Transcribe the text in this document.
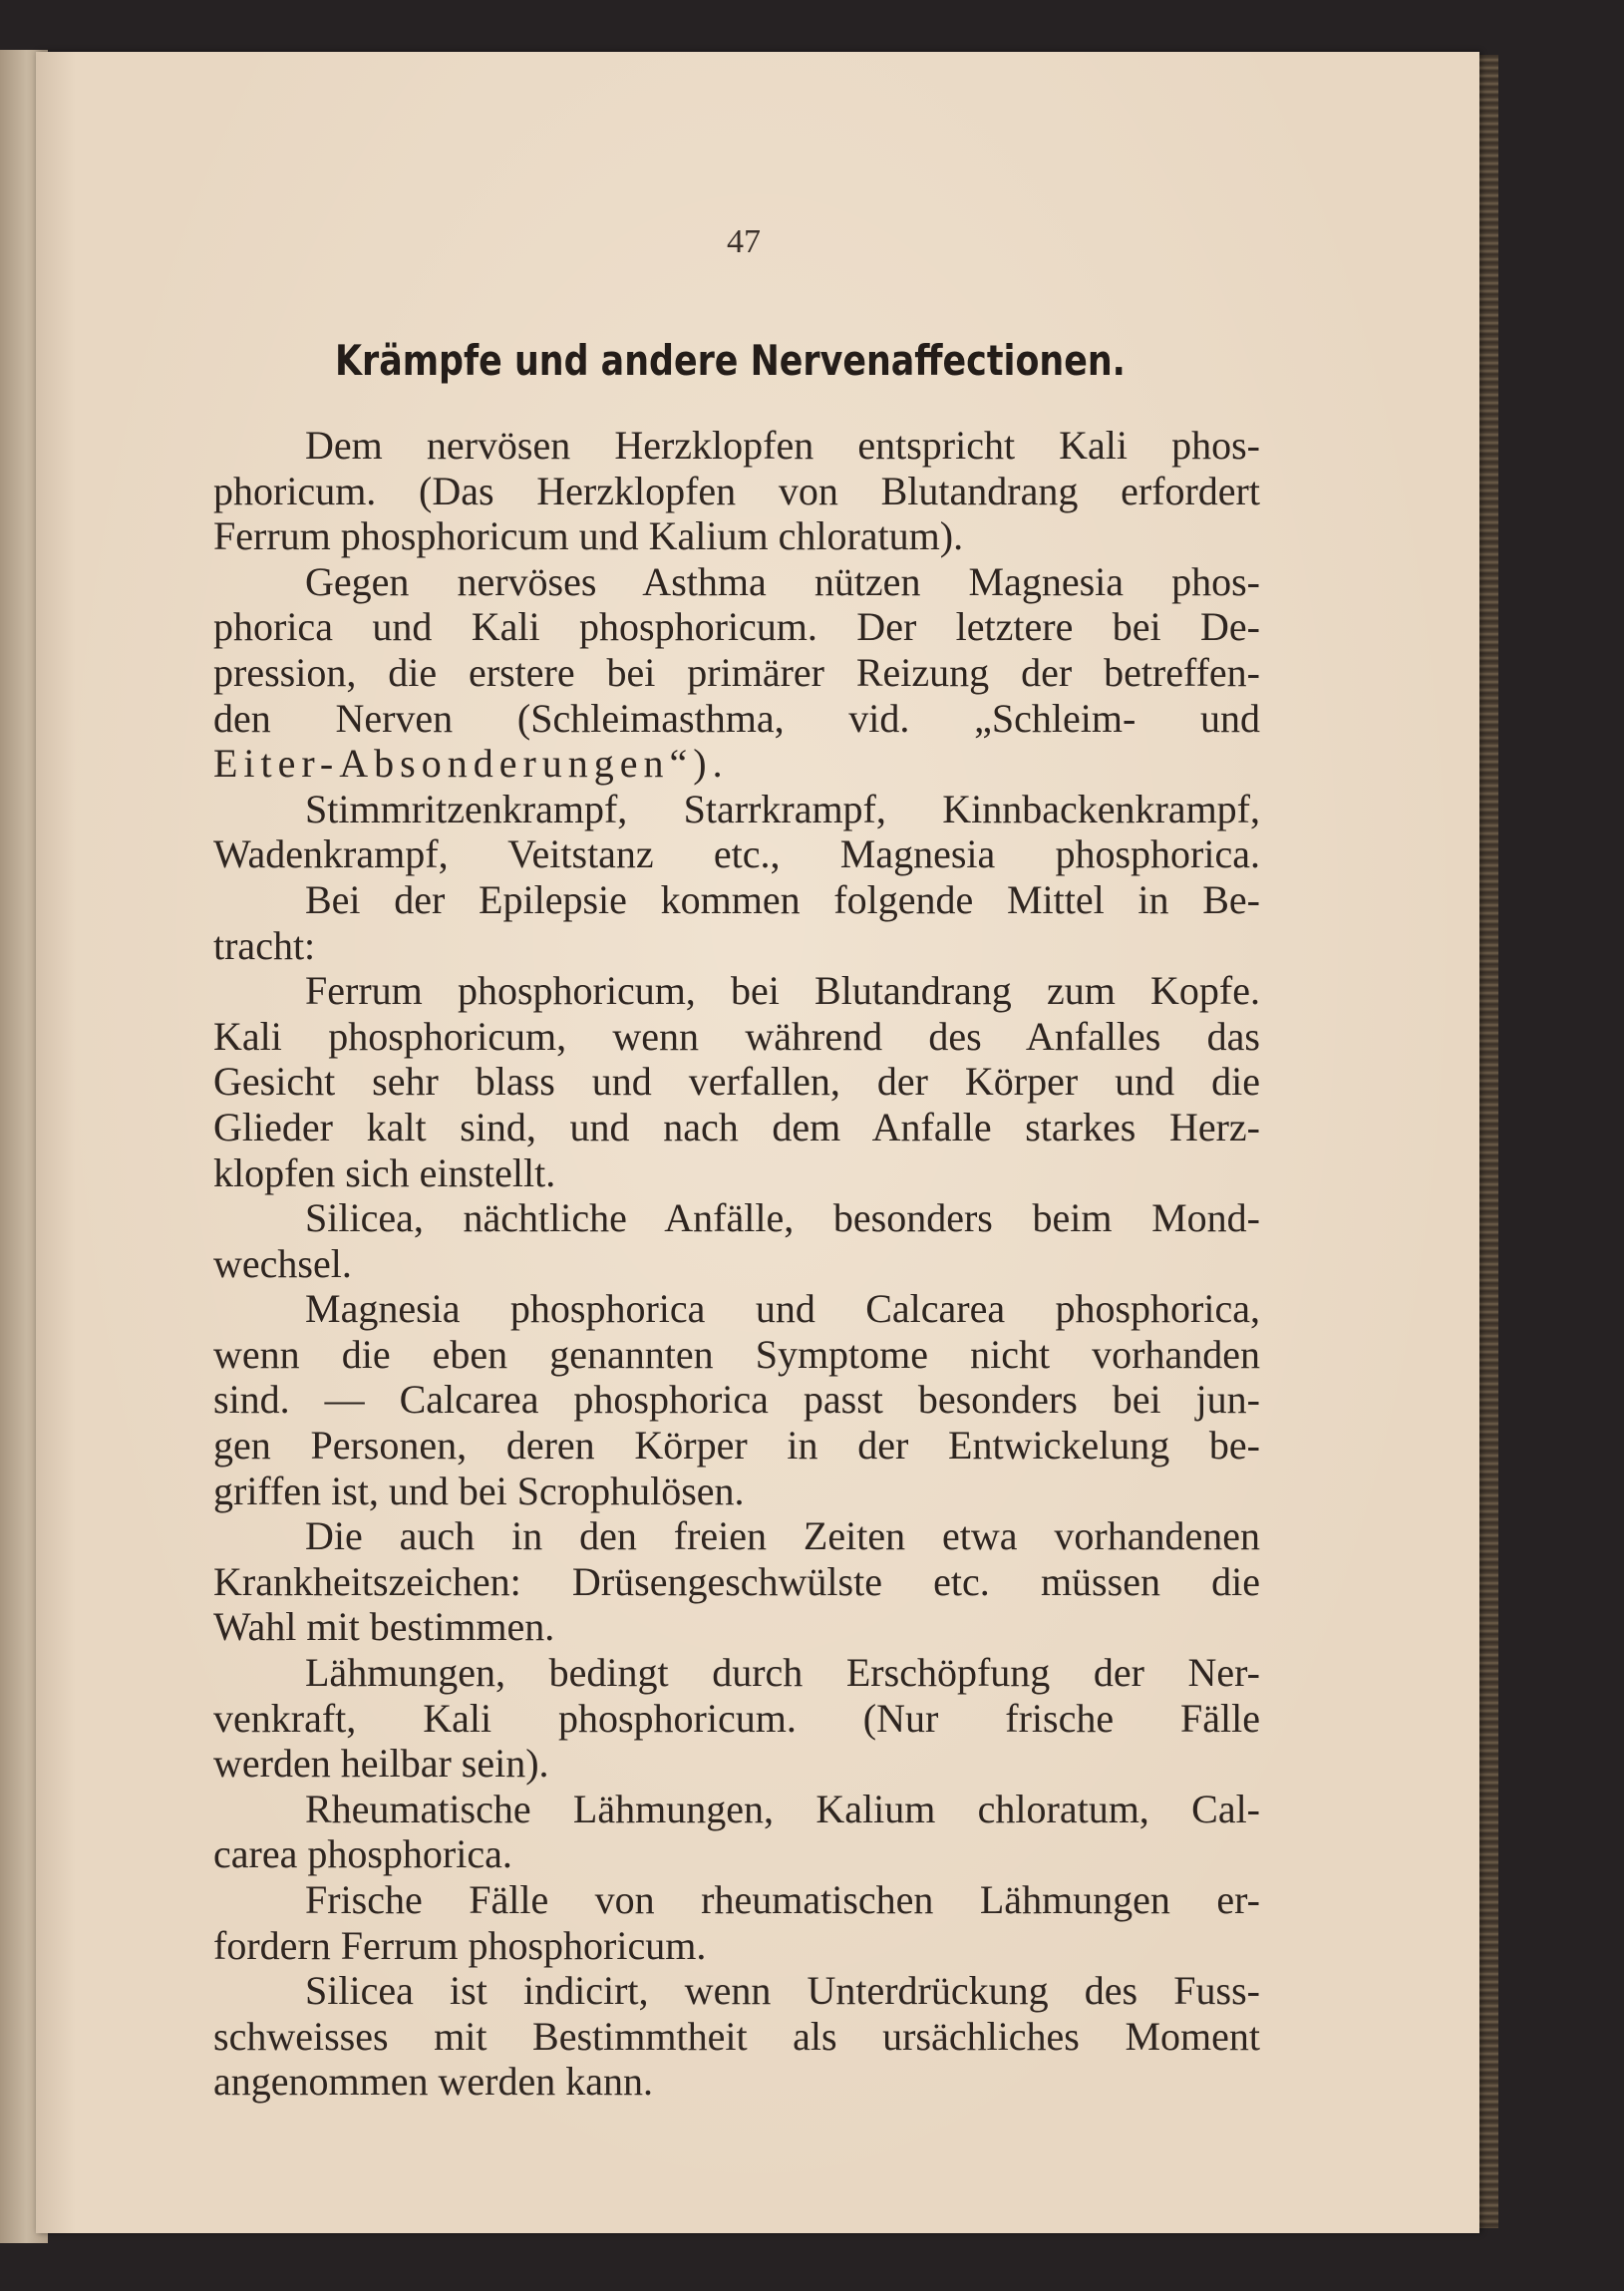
47
Krämpfe und andere Nervenaffectionen.
Dem nervösen Herzklopfen entspricht Kali phos-
phoricum. (Das Herzklopfen von Blutandrang erfordert
Ferrum phosphoricum und Kalium chloratum).
Gegen nervöses Asthma nützen Magnesia phos-
phorica und Kali phosphoricum. Der letztere bei De-
pression, die erstere bei primärer Reizung der betreffen-
den Nerven (Schleimasthma, vid. „Schleim- und
Eiter-Absonderungen“).
Stimmritzenkrampf, Starrkrampf, Kinnbackenkrampf,
Wadenkrampf, Veitstanz etc., Magnesia phosphorica.
Bei der Epilepsie kommen folgende Mittel in Be-
tracht:
Ferrum phosphoricum, bei Blutandrang zum Kopfe.
Kali phosphoricum, wenn während des Anfalles das
Gesicht sehr blass und verfallen, der Körper und die
Glieder kalt sind, und nach dem Anfalle starkes Herz-
klopfen sich einstellt.
Silicea, nächtliche Anfälle, besonders beim Mond-
wechsel.
Magnesia phosphorica und Calcarea phosphorica,
wenn die eben genannten Symptome nicht vorhanden
sind. — Calcarea phosphorica passt besonders bei jun-
gen Personen, deren Körper in der Entwickelung be-
griffen ist, und bei Scrophulösen.
Die auch in den freien Zeiten etwa vorhandenen
Krankheitszeichen: Drüsengeschwülste etc. müssen die
Wahl mit bestimmen.
Lähmungen, bedingt durch Erschöpfung der Ner-
venkraft, Kali phosphoricum. (Nur frische Fälle
werden heilbar sein).
Rheumatische Lähmungen, Kalium chloratum, Cal-
carea phosphorica.
Frische Fälle von rheumatischen Lähmungen er-
fordern Ferrum phosphoricum.
Silicea ist indicirt, wenn Unterdrückung des Fuss-
schweisses mit Bestimmtheit als ursächliches Moment
angenommen werden kann.
